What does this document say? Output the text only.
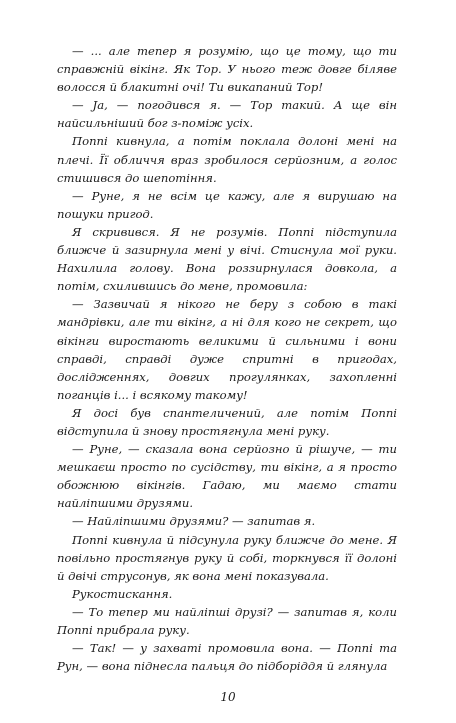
— ... але тепер я розумію, що це тому, що ти справжній вікінг. Як Тор. У нього теж довге біляве волосся й блакитні очі! Ти викапаний Тор!

— Ja, — погодився я. — Тор такий. А ще він найсильніший бог з-поміж усіх.

Поппі кивнула, а потім поклала долоні мені на плечі. Її обличчя враз зробилося серйозним, а голос стишився до шепотіння.

— Руне, я не всім це кажу, але я вирушаю на пошуки пригод.

Я скривився. Я не розумів. Поппі підступила ближче й зазирнула мені у вічі. Стиснула мої руки. Нахилила голову. Вона роззирнулася довкола, а потім, схилившись до мене, промовила:

— Зазвичай я нікого не беру з собою в такі мандрівки, але ти вікінг, а ні для кого не секрет, що вікінги виростають великими й сильними і вони справді, справді дуже спритні в пригодах, дослідженнях, довгих прогулянках, захопленні поганців і... і всякому такому!

Я досі був спантеличений, але потім Поппі відступила й знову простягнула мені руку.

— Руне, — сказала вона серйозно й рішуче, — ти мешкаєш просто по сусідству, ти вікінг, а я просто обожнюю вікінгів. Гадаю, ми маємо стати найліпшими друзями.

— Найліпшими друзями? — запитав я.

Поппі кивнула й підсунула руку ближче до мене. Я повільно простягнув руку й собі, торкнувся її долоні й двічі струсонув, як вона мені показувала.

Рукостискання.

— То тепер ми найліпші друзі? — запитав я, коли Поппі прибрала руку.

— Так! — у захваті промовила вона. — Поппі та Рун, — вона піднесла пальця до підборіддя й глянула

10
